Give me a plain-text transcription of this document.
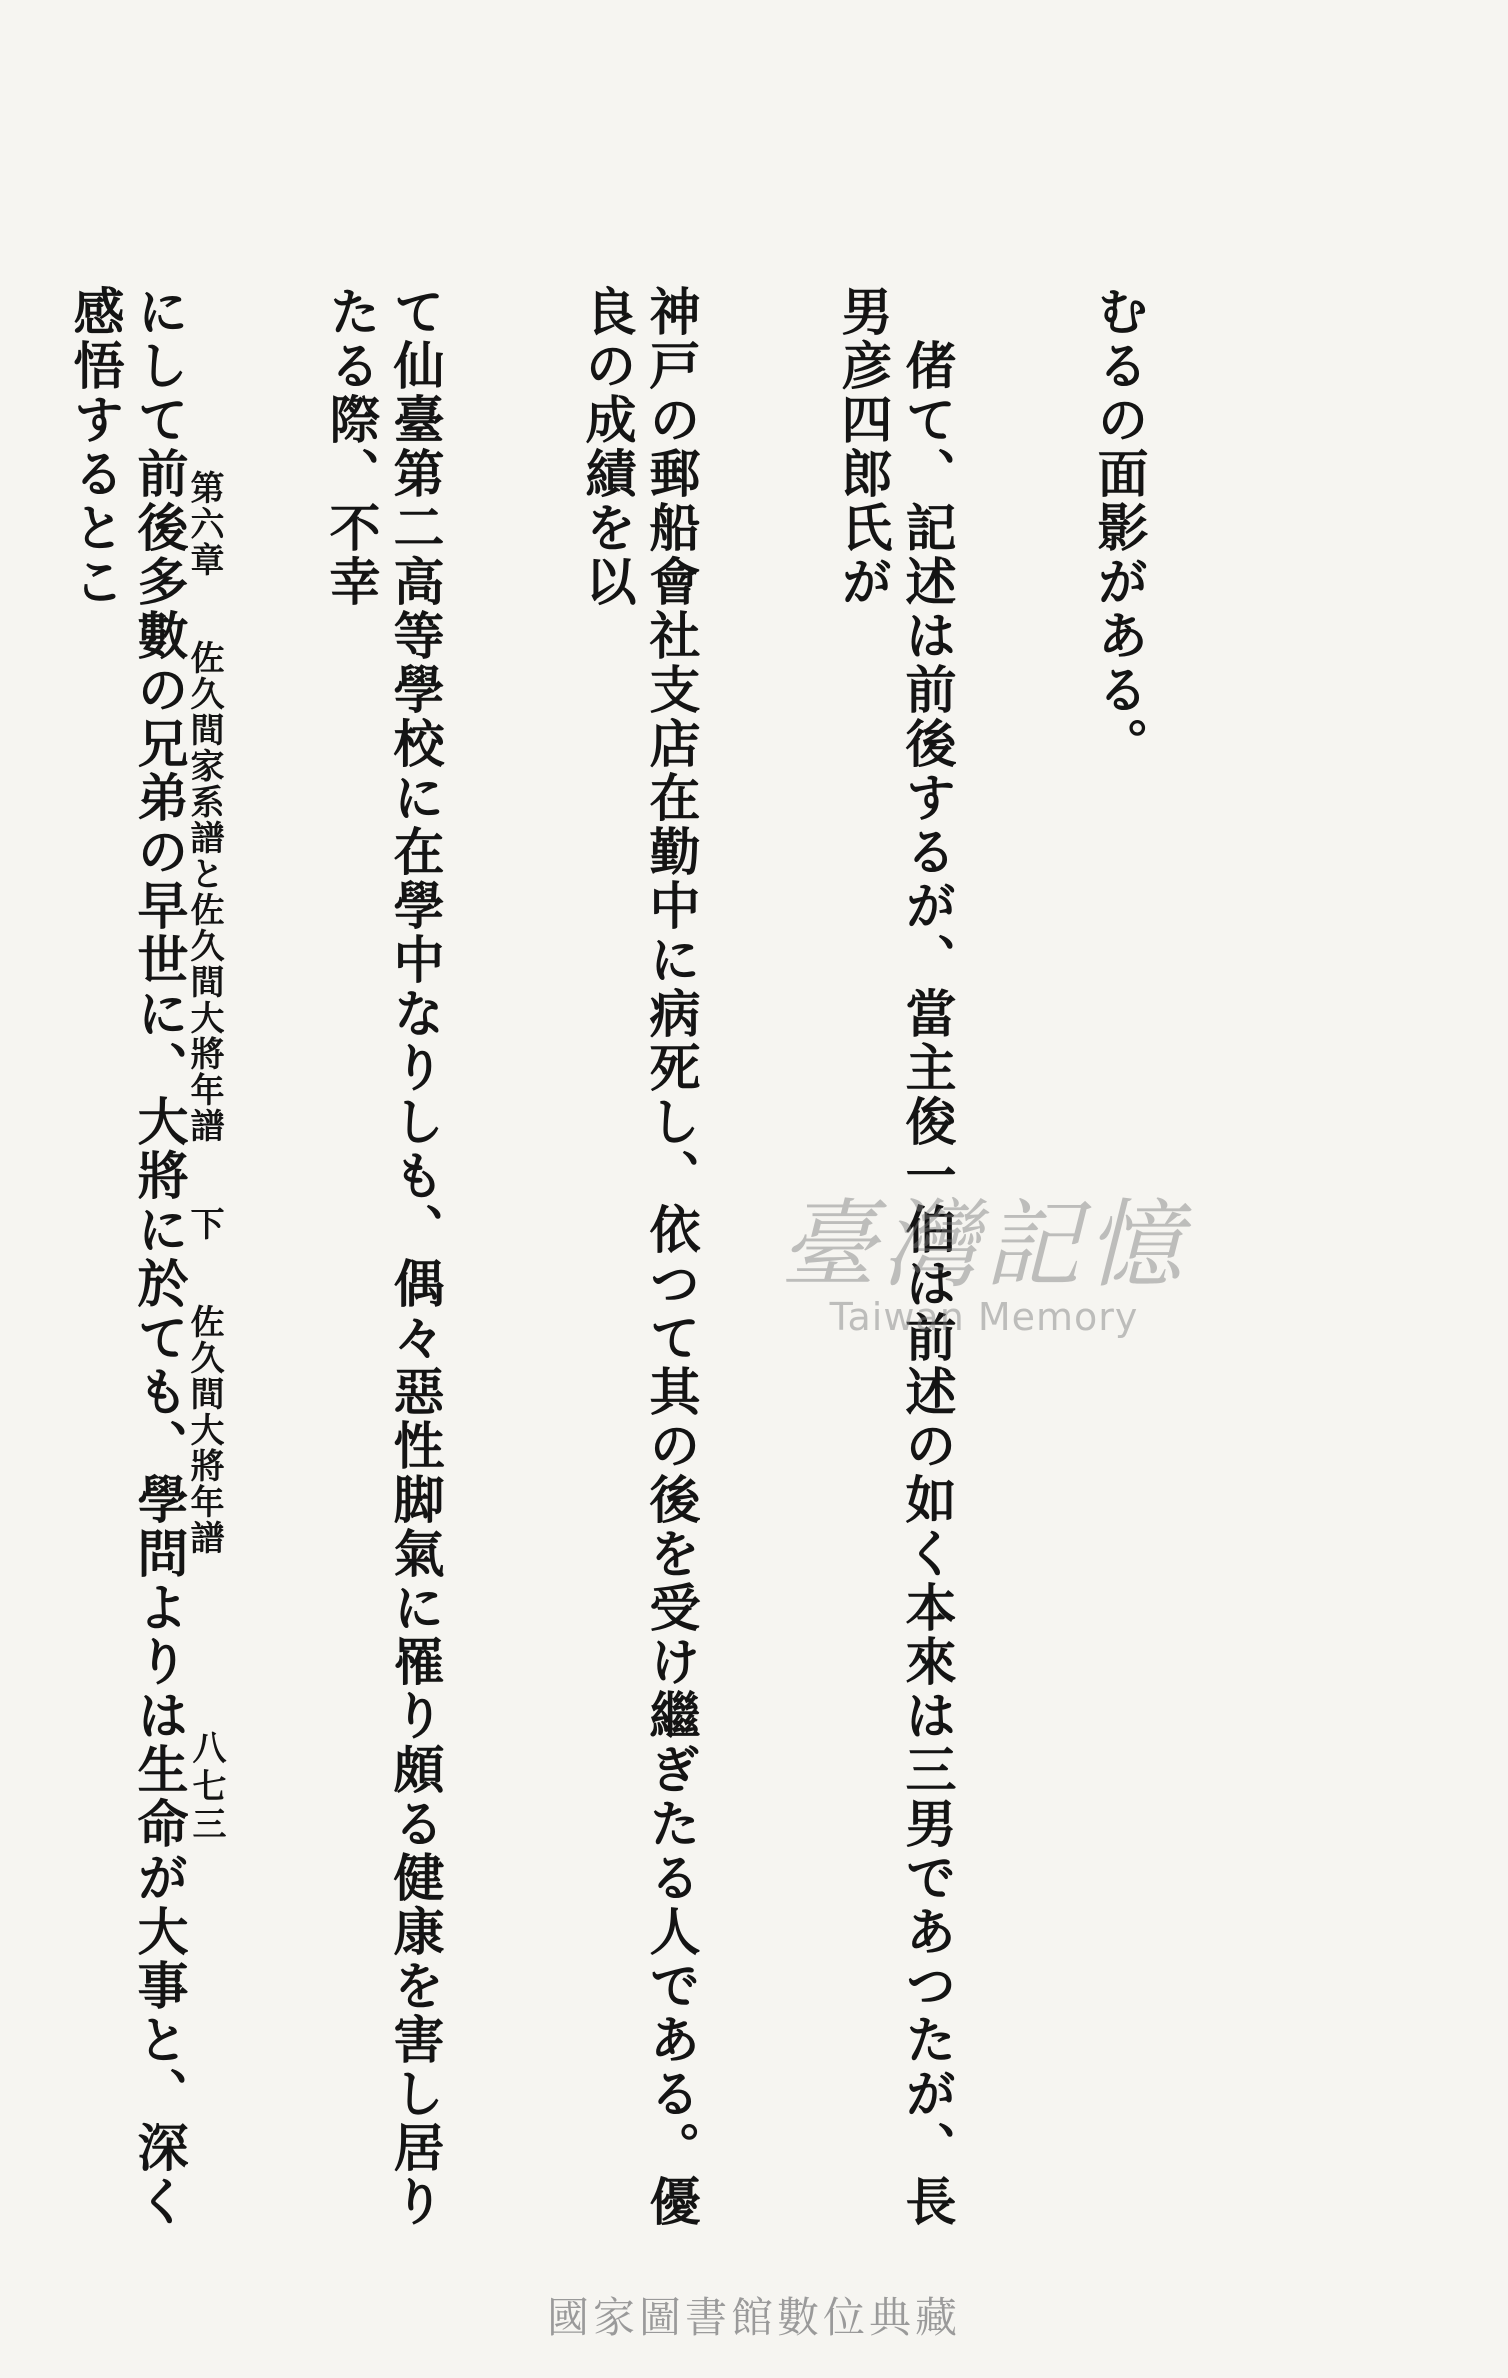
むるの面影がある。

　偖て、記述は前後するが、當主俊一伯は前述の如く本來は三男であつたが、長男彦四郎氏が

神戸の郵船會社支店在勤中に病死し、依つて其の後を受け繼ぎたる人である。優良の成績を以

て仙臺第二高等學校に在學中なりしも、偶々惡性脚氣に罹り頗る健康を害し居りたる際、不幸

にして前後多數の兄弟の早世に、大將に於ても、學問よりは生命が大事と、深く感悟するとこ

	第六章 佐久間家系譜と佐久間大將年譜 下 佐久間大將年譜
八七三
臺灣記憶
Taiwan Memory
國家圖書館數位典藏
